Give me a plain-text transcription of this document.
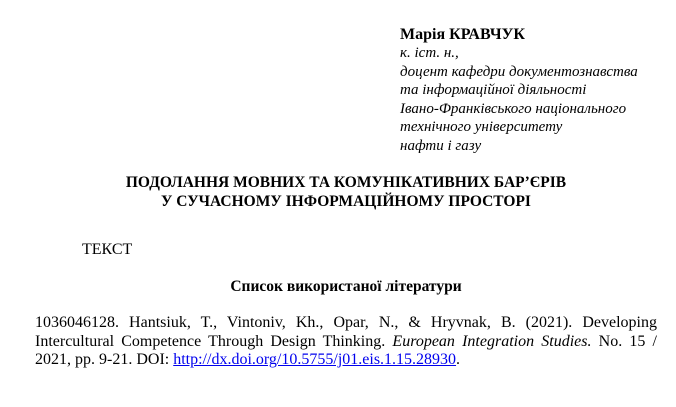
Марія КРАВЧУК
к. іст. н.,
доцент кафедри документознавства
та інформаційної діяльності
Івано-Франківського національного
технічного університету
нафти і газу
ПОДОЛАННЯ МОВНИХ ТА КОМУНІКАТИВНИХ БАР’ЄРІВ
У СУЧАСНОМУ ІНФОРМАЦІЙНОМУ ПРОСТОРІ
ТЕКСТ
Список використаної літератури
1036046128. Hantsiuk, T., Vintoniv, Kh., Opar, N., & Hryvnak, B. (2021). Developing Intercultural Competence Through Design Thinking. European Integration Studies. No. 15 / 2021, pp. 9-21. DOI: http://dx.doi.org/10.5755/j01.eis.1.15.28930.
